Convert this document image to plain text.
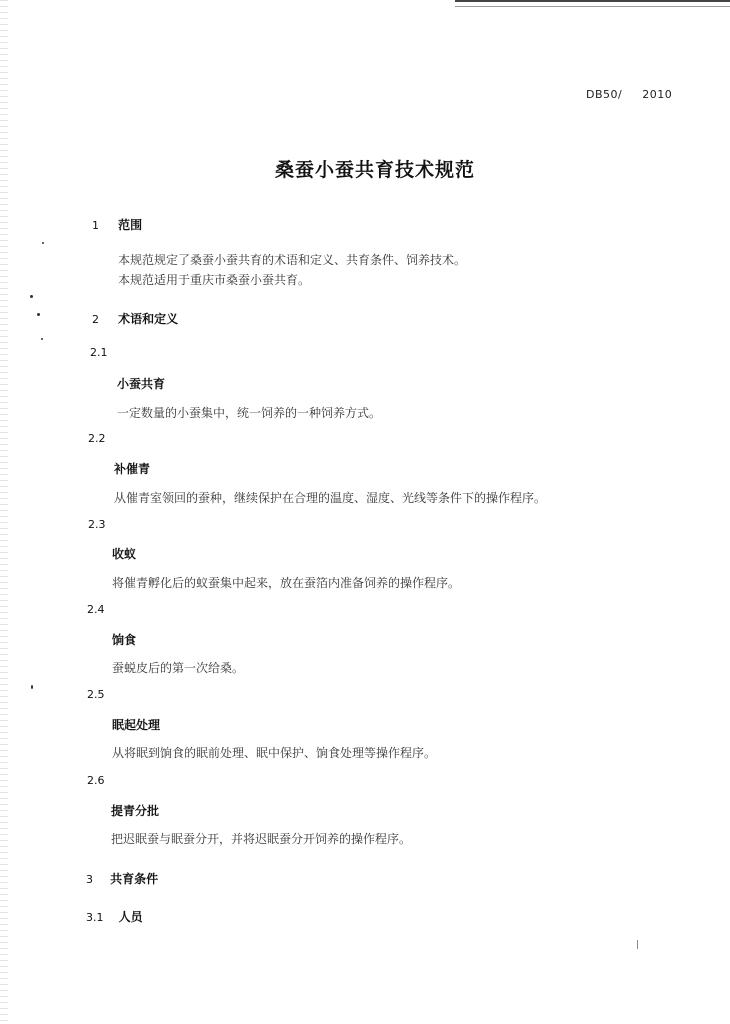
DB50/     2010
桑蚕小蚕共育技术规范
1 范围
本规范规定了桑蚕小蚕共育的术语和定义、共育条件、饲养技术。
本规范适用于重庆市桑蚕小蚕共育。
2 术语和定义
2.1
小蚕共育
一定数量的小蚕集中，统一饲养的一种饲养方式。
2.2
补催青
从催青室领回的蚕种，继续保护在合理的温度、湿度、光线等条件下的操作程序。
2.3
收蚁
将催青孵化后的蚁蚕集中起来，放在蚕箔内准备饲养的操作程序。
2.4
饷食
蚕蜕皮后的第一次给桑。
2.5
眠起处理
从将眠到饷食的眠前处理、眠中保护、饷食处理等操作程序。
2.6
提青分批
把迟眠蚕与眠蚕分开，并将迟眠蚕分开饲养的操作程序。
3 共育条件
3.1 人员
